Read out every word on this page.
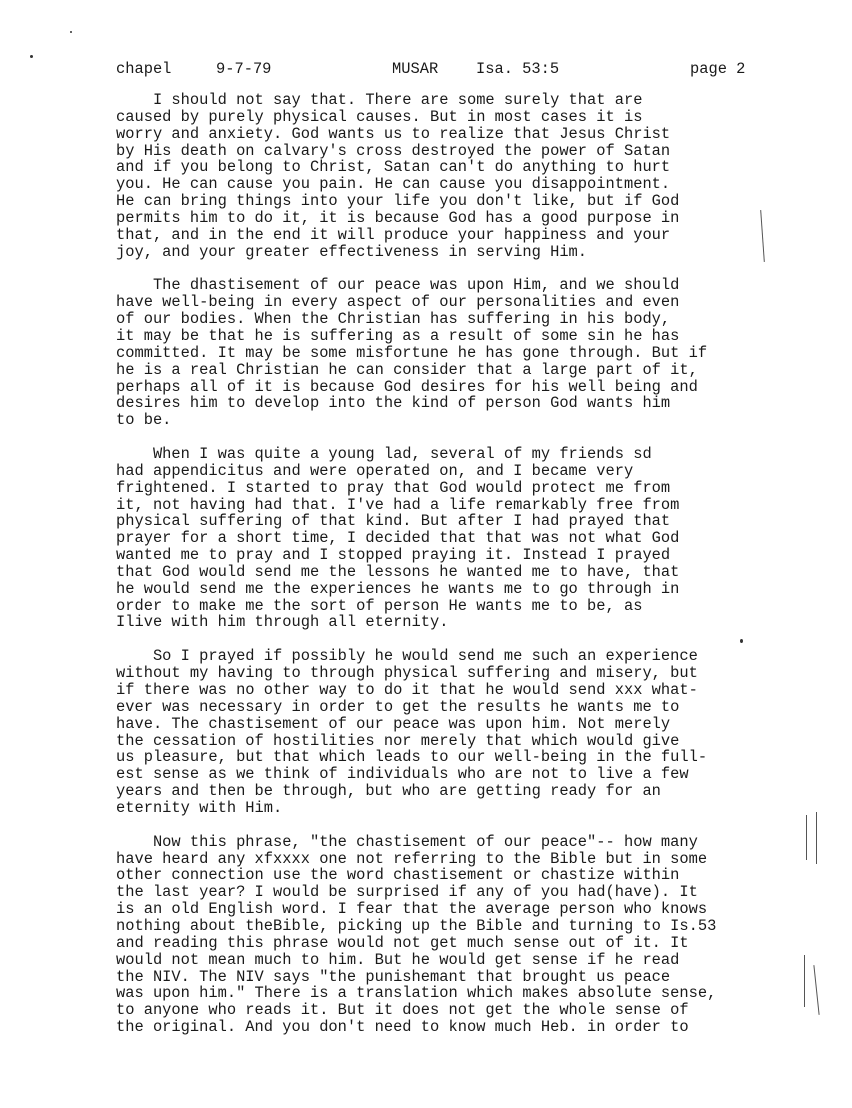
chapel

	9-7-79

	MUSAR

Isa. 53:5

	page 2

I should not say that. There are some surely that are
caused by purely physical causes. But in most cases it is
worry and anxiety. God wants us to realize that Jesus Christ
by His death on calvary's cross destroyed the power of Satan
and if you belong to Christ, Satan can't do anything to hurt
you. He can cause you pain. He can cause you disappointment.
He can bring things into your life you don't like, but if God
permits him to do it, it is because God has a good purpose in
that, and in the end it will produce your happiness and your
joy, and your greater effectiveness in serving Him.
The dhastisement of our peace was upon Him, and we should
have well-being in every aspect of our personalities and even
of our bodies. When the Christian has suffering in his body,
it may be that he is suffering as a result of some sin he has
committed. It may be some misfortune he has gone through. But if
he is a real Christian he can consider that a large part of it,
perhaps all of it is because God desires for his well being and
desires him to develop into the kind of person God wants him
to be.
When I was quite a young lad, several of my friends sd
had appendicitus and were operated on, and I became very
frightened. I started to pray that God would protect me from
it, not having had that. I've had a life remarkably free from
physical suffering of that kind. But after I had prayed that
prayer for a short time, I decided that that was not what God
wanted me to pray and I stopped praying it. Instead I prayed
that God would send me the lessons he wanted me to have, that
he would send me the experiences he wants me to go through in
order to make me the sort of person He wants me to be, as
Ilive with him through all eternity.
So I prayed if possibly he would send me such an experience
without my having to through physical suffering and misery, but
if there was no other way to do it that he would send xxx what-
ever was necessary in order to get the results he wants me to
have. The chastisement of our peace was upon him. Not merely
the cessation of hostilities nor merely that which would give
us pleasure, but that which leads to our well-being in the full-
est sense as we think of individuals who are not to live a few
years and then be through, but who are getting ready for an
eternity with Him.
Now this phrase, "the chastisement of our peace"-- how many
have heard any xfxxxx one not referring to the Bible but in some
other connection use the word chastisement or chastize within
the last year? I would be surprised if any of you had(have). It
is an old English word. I fear that the average person who knows
nothing about theBible, picking up the Bible and turning to Is.53
and reading this phrase would not get much sense out of it. It
would not mean much to him. But he would get sense if he read
the NIV. The NIV says "the punishemant that brought us peace
was upon him." There is a translation which makes absolute sense,
to anyone who reads it. But it does not get the whole sense of
the original. And you don't need to know much Heb. in order to
